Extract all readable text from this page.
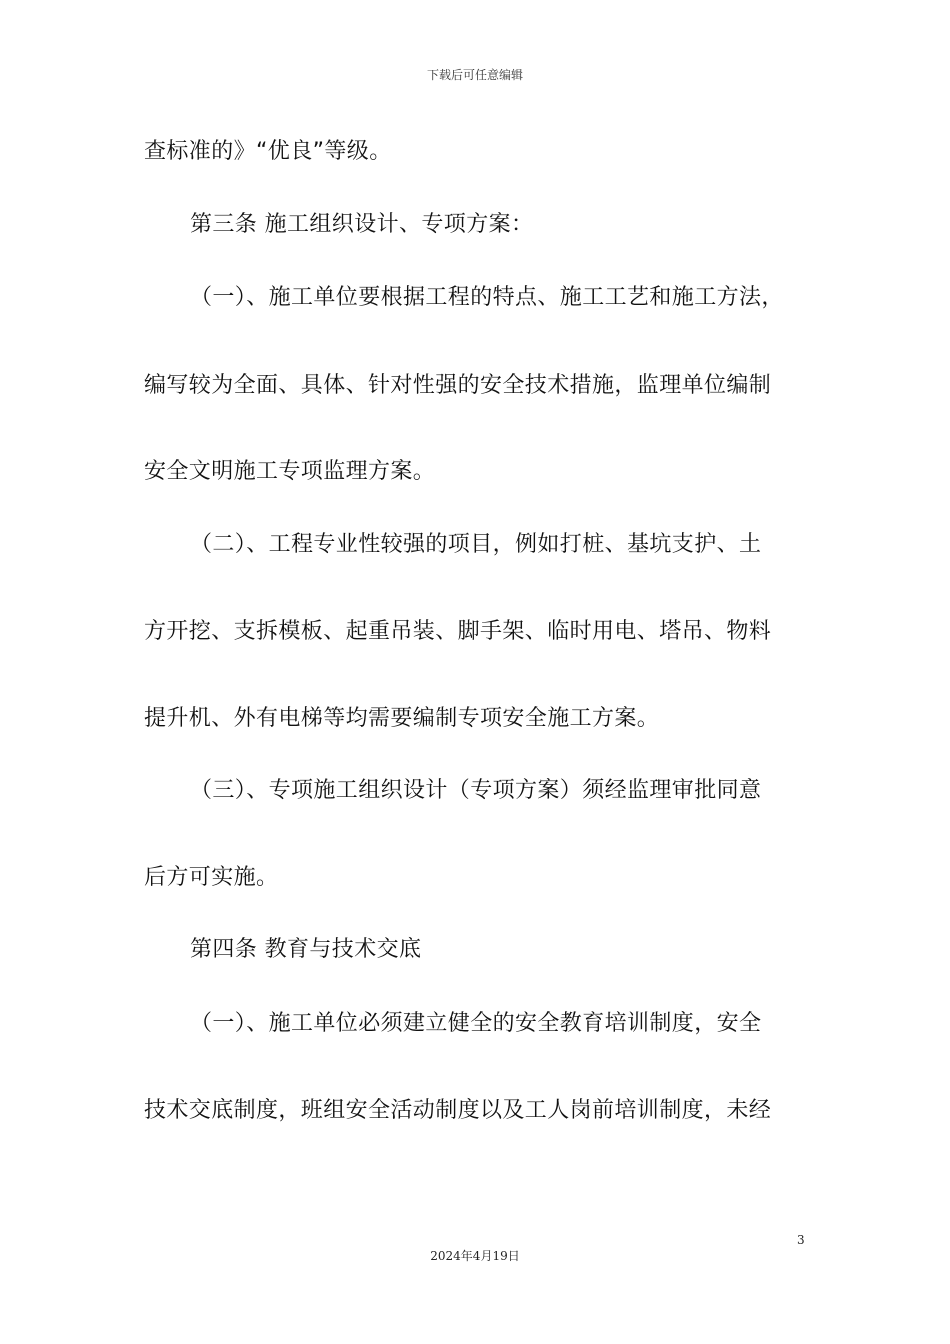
下载后可任意编辑
查标准的》“优良”等级。
第三条 施工组织设计、专项方案：
（一）、施工单位要根据工程的特点、施工工艺和施工方法，
编写较为全面、具体、针对性强的安全技术措施，监理单位编制
安全文明施工专项监理方案。
（二）、工程专业性较强的项目，例如打桩、基坑支护、土
方开挖、支拆模板、起重吊装、脚手架、临时用电、塔吊、物料
提升机、外有电梯等均需要编制专项安全施工方案。
（三）、专项施工组织设计（专项方案）须经监理审批同意
后方可实施。
第四条 教育与技术交底
（一）、施工单位必须建立健全的安全教育培训制度，安全
技术交底制度，班组安全活动制度以及工人岗前培训制度，未经
3
2024年4月19日
